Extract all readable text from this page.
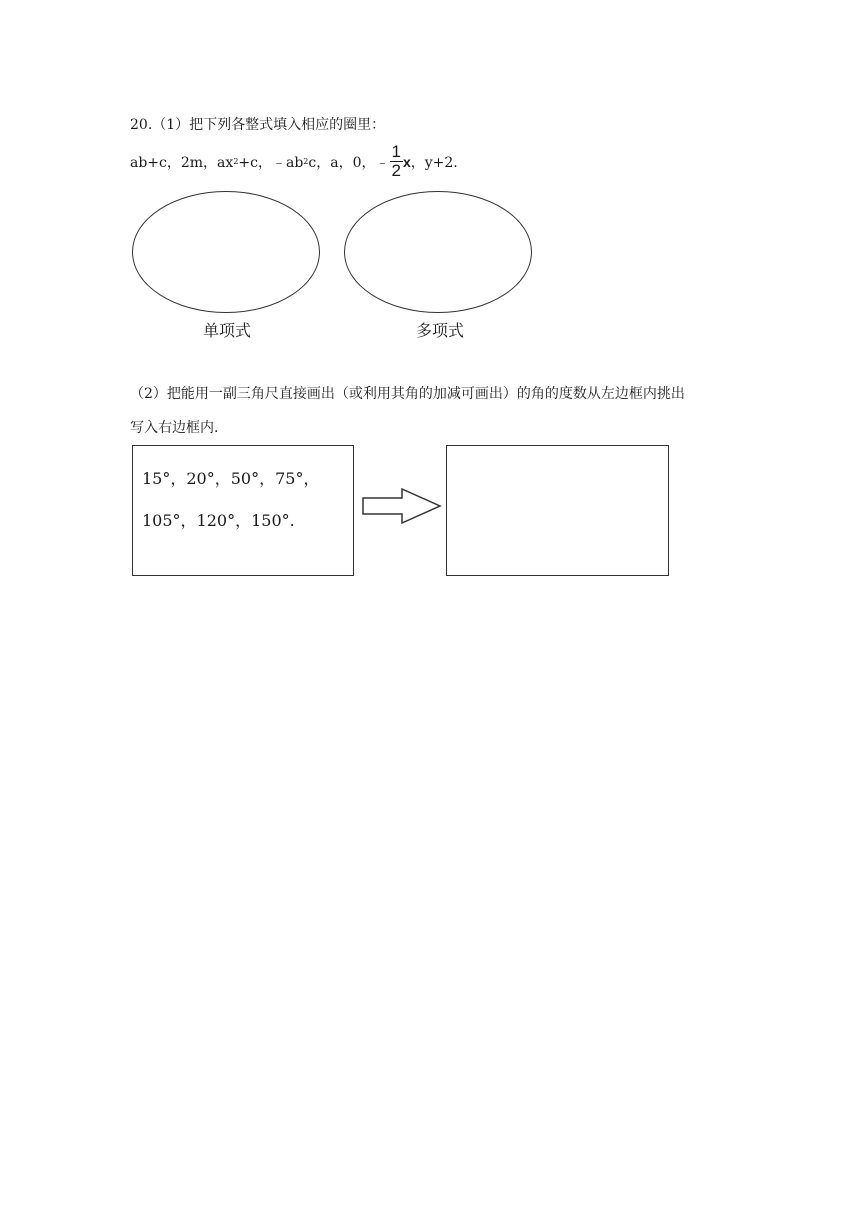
20.（1）把下列各整式填入相应的圈里：
ab+c，2m，ax 2 +c，﹣ab 2 c，a，0，﹣ $\frac{1}{2}$ x ，y+2.
单项式	多项式
（2）把能用一副三角尺直接画出（或利用其角的加减可画出）的角的度数从左边框内挑出
写入右边框内.
15°，20°，50°，75°，
105°，120°，150°.
